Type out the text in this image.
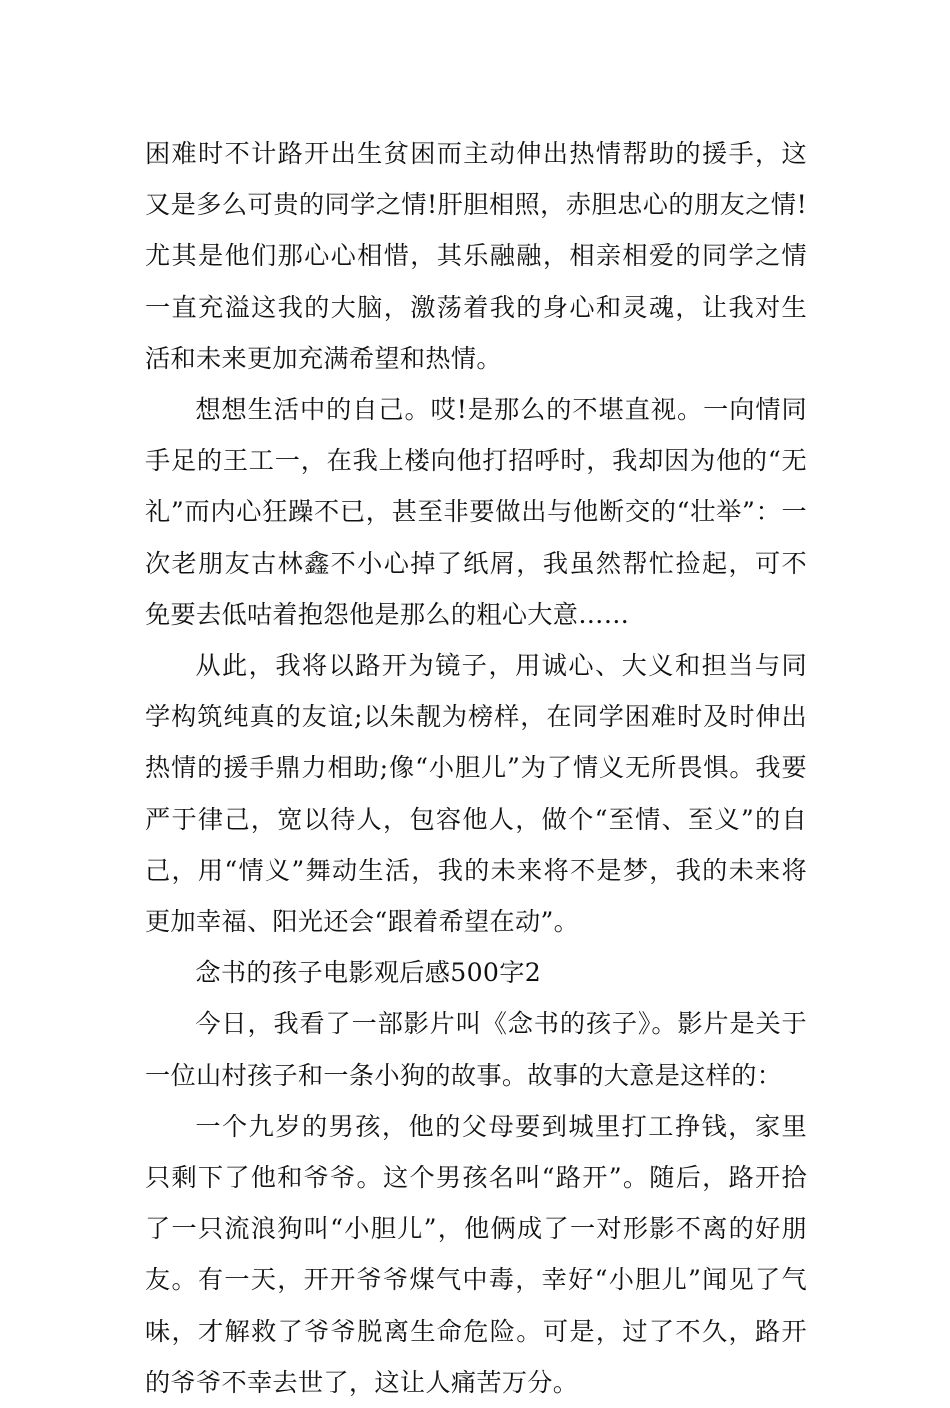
困难时不计路开出生贫困而主动伸出热情帮助的援手，这又是多么可贵的同学之情!肝胆相照，赤胆忠心的朋友之情!尤其是他们那心心相惜，其乐融融，相亲相爱的同学之情一直充溢这我的大脑，激荡着我的身心和灵魂，让我对生活和未来更加充满希望和热情。

想想生活中的自己。哎!是那么的不堪直视。一向情同手足的王工一，在我上楼向他打招呼时，我却因为他的“无礼”而内心狂躁不已，甚至非要做出与他断交的“壮举”：一次老朋友古林鑫不小心掉了纸屑，我虽然帮忙捡起，可不免要去低咕着抱怨他是那么的粗心大意……

从此，我将以路开为镜子，用诚心、大义和担当与同学构筑纯真的友谊;以朱靓为榜样，在同学困难时及时伸出热情的援手鼎力相助;像“小胆儿”为了情义无所畏惧。我要严于律己，宽以待人，包容他人，做个“至情、至义”的自己，用“情义”舞动生活，我的未来将不是梦，我的未来将更加幸福、阳光还会“跟着希望在动”。

念书的孩子电影观后感500字2

今日，我看了一部影片叫《念书的孩子》。影片是关于一位山村孩子和一条小狗的故事。故事的大意是这样的：

一个九岁的男孩，他的父母要到城里打工挣钱，家里只剩下了他和爷爷。这个男孩名叫“路开”。随后，路开拾了一只流浪狗叫“小胆儿”，他俩成了一对形影不离的好朋友。有一天，开开爷爷煤气中毒，幸好“小胆儿”闻见了气味，才解救了爷爷脱离生命危险。可是，过了不久，路开的爷爷不幸去世了，这让人痛苦万分。
